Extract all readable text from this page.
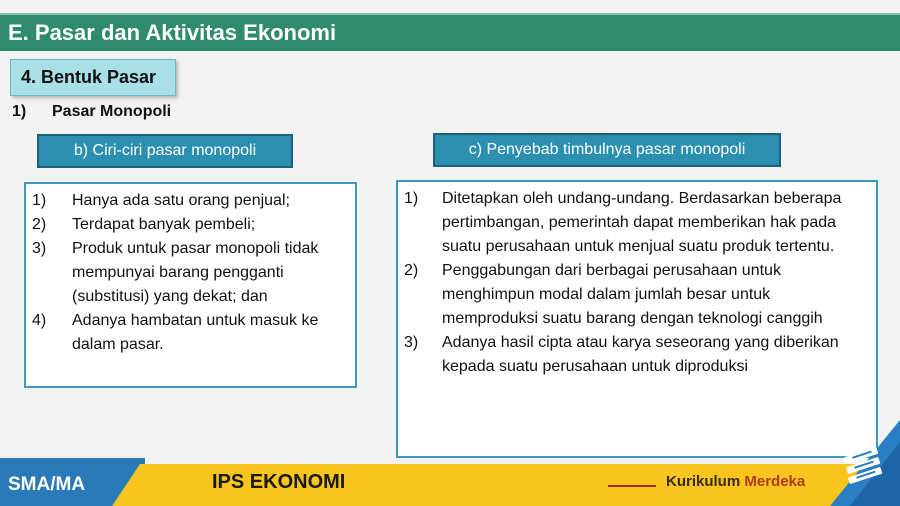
E. Pasar dan Aktivitas Ekonomi
4. Bentuk Pasar
1) Pasar Monopoli
b) Ciri-ciri pasar monopoli	c) Penyebab timbulnya pasar monopoli
1)	Hanya ada satu orang penjual;
2)	Terdapat banyak pembeli;
3)	Produk untuk pasar monopoli tidak mempunyai barang pengganti (substitusi) yang dekat; dan
4)	Adanya hambatan untuk masuk ke dalam pasar.
1)	Ditetapkan oleh undang-undang. Berdasarkan beberapa pertimbangan, pemerintah dapat memberikan hak pada suatu perusahaan untuk menjual suatu produk tertentu.
2)	Penggabungan dari berbagai perusahaan untuk menghimpun modal dalam jumlah besar untuk memproduksi suatu barang dengan teknologi canggih
3)	Adanya hasil cipta atau karya seseorang yang diberikan kepada suatu perusahaan untuk diproduksi
SMA/MA	IPS EKONOMI	Kurikulum Merdeka
